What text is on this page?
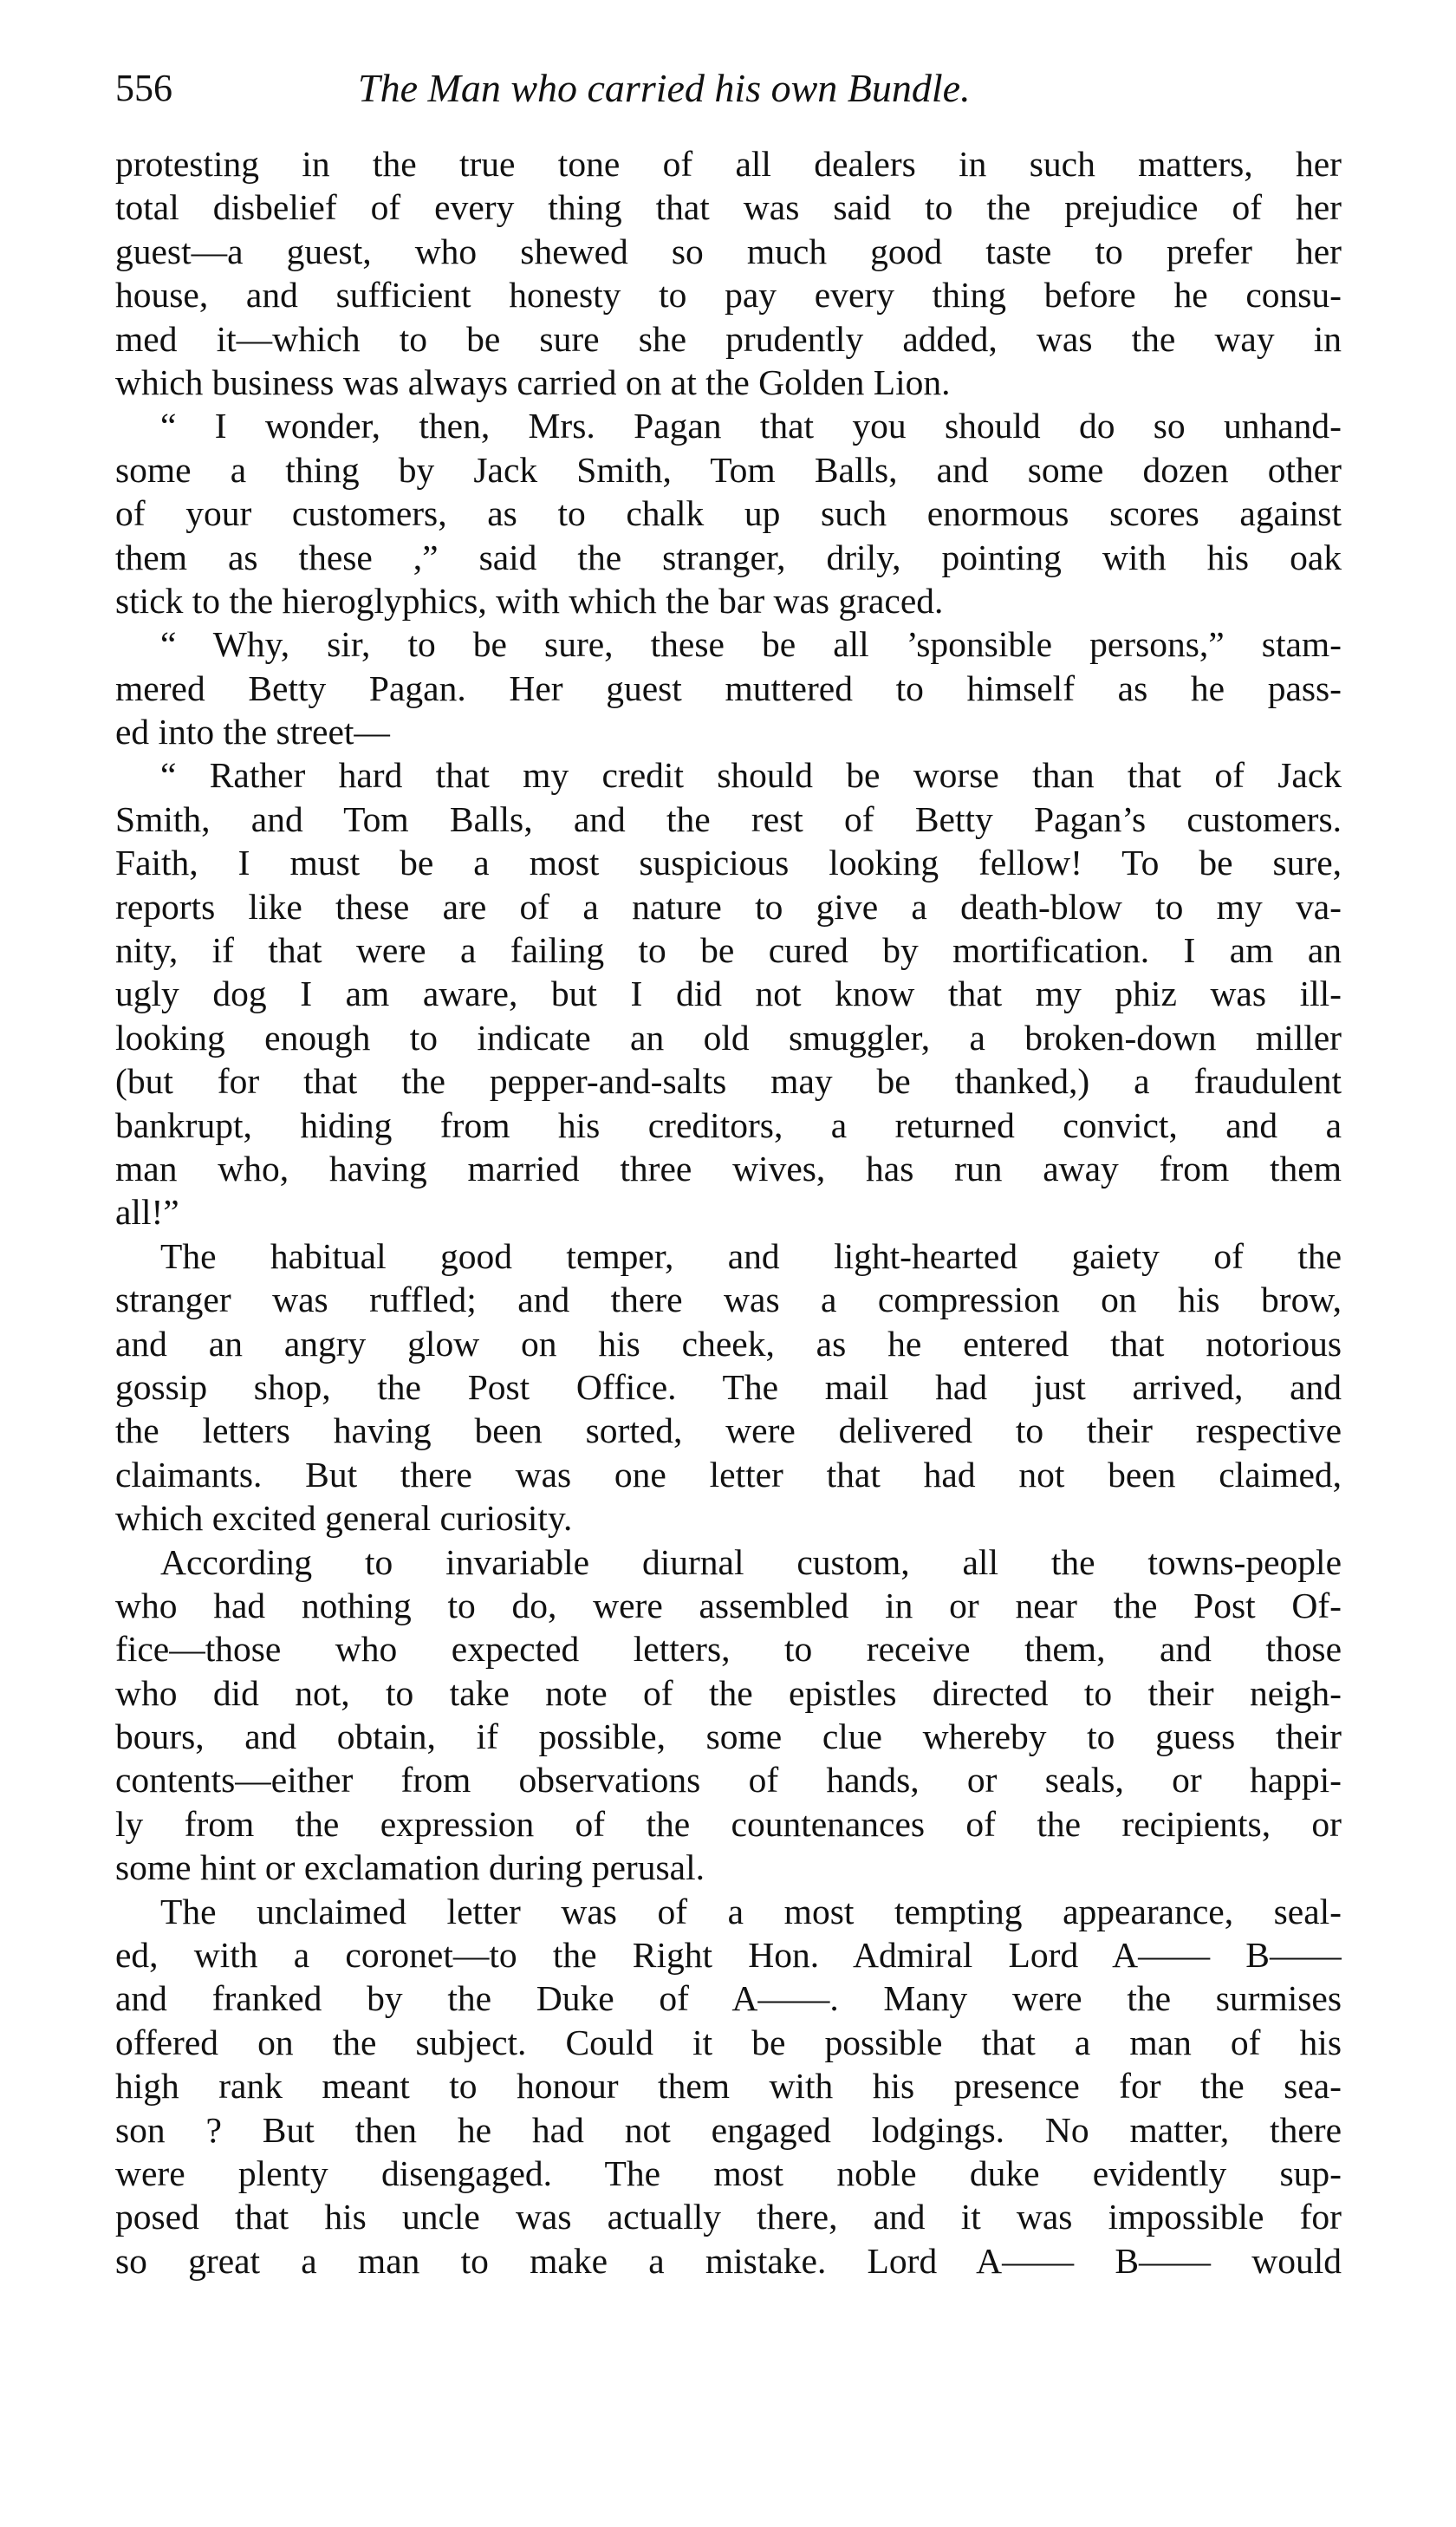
556	The Man who carried his own Bundle.
protesting in the true tone of all dealers in such matters, her
total disbelief of every thing that was said to the prejudice of her
guest—a guest, who shewed so much good taste to prefer her
house, and sufficient honesty to pay every thing before he consu-
med it—which to be sure she prudently added, was the way in
which business was always carried on at the Golden Lion.
“ I wonder, then, Mrs. Pagan that you should do so unhand-
some a thing by Jack Smith, Tom Balls, and some dozen other
of your customers, as to chalk up such enormous scores against
them as these ,” said the stranger, drily, pointing with his oak
stick to the hieroglyphics, with which the bar was graced.
“ Why, sir, to be sure, these be all ’sponsible persons,” stam-
mered Betty Pagan. Her guest muttered to himself as he pass-
ed into the street—
“ Rather hard that my credit should be worse than that of Jack
Smith, and Tom Balls, and the rest of Betty Pagan’s customers.
Faith, I must be a most suspicious looking fellow! To be sure,
reports like these are of a nature to give a death-blow to my va-
nity, if that were a failing to be cured by mortification. I am an
ugly dog I am aware, but I did not know that my phiz was ill-
looking enough to indicate an old smuggler, a broken-down miller
(but for that the pepper-and-salts may be thanked,) a fraudulent
bankrupt, hiding from his creditors, a returned convict, and a
man who, having married three wives, has run away from them
all!”
The habitual good temper, and light-hearted gaiety of the
stranger was ruffled; and there was a compression on his brow,
and an angry glow on his cheek, as he entered that notorious
gossip shop, the Post Office. The mail had just arrived, and
the letters having been sorted, were delivered to their respective
claimants. But there was one letter that had not been claimed,
which excited general curiosity.
According to invariable diurnal custom, all the towns-people
who had nothing to do, were assembled in or near the Post Of-
fice—those who expected letters, to receive them, and those
who did not, to take note of the epistles directed to their neigh-
bours, and obtain, if possible, some clue whereby to guess their
contents—either from observations of hands, or seals, or happi-
ly from the expression of the countenances of the recipients, or
some hint or exclamation during perusal.
The unclaimed letter was of a most tempting appearance, seal-
ed, with a coronet—to the Right Hon. Admiral Lord A—— B——
and franked by the Duke of A——. Many were the surmises
offered on the subject. Could it be possible that a man of his
high rank meant to honour them with his presence for the sea-
son ? But then he had not engaged lodgings. No matter, there
were plenty disengaged. The most noble duke evidently sup-
posed that his uncle was actually there, and it was impossible for
so great a man to make a mistake. Lord A—— B—— would
